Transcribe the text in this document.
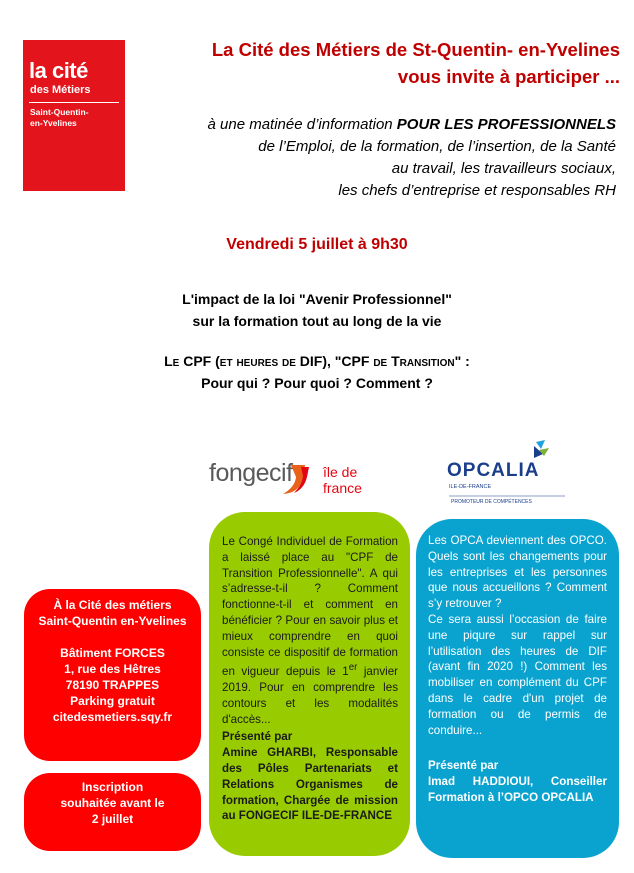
la cité
des Métiers
Saint-Quentin-
en-Yvelines
La Cité des Métiers de St-Quentin- en-Yvelines
vous invite à participer ...
à une matinée d’information POUR LES PROFESSIONNELS
de l’Emploi, de la formation, de l’insertion, de la Santé
au travail, les travailleurs sociaux,
les chefs d’entreprise et responsables RH
Vendredi 5 juillet à 9h30
L'impact de la loi "Avenir Professionnel"
sur la formation tout au long de la vie
Le CPF (et heures de DIF), "CPF de Transition" :
Pour qui ? Pour quoi ? Comment ?
fongecif île de
france
OPCALIA
ILE-DE-FRANCE
PROMOTEUR DE COMPÉTENCES
À la Cité des métiers
Saint-Quentin en-Yvelines
Bâtiment FORCES
1, rue des Hêtres
78190 TRAPPES
Parking gratuit
citedesmetiers.sqy.fr
Inscription
souhaitée avant le
2 juillet

Le Congé Individuel de Formation a laissé place au "CPF de Transition Professionnelle". A qui s’adresse-t-il ? Comment fonctionne-t-il et comment en bénéficier ? Pour en savoir plus et mieux comprendre en quoi consiste ce dispositif de formation en vigueur depuis le 1er janvier 2019. Pour en comprendre les contours et les modalités d'accès...

Présenté par

Amine GHARBI, Responsable des Pôles Partenariats et Relations Organismes de formation, Chargée de mission au FONGECIF ILE-DE-FRANCE

Les OPCA deviennent des OPCO. Quels sont les changements pour les entreprises et les personnes que nous accueillons ? Comment s’y retrouver ?

Ce sera aussi l’occasion de faire une piqure sur rappel sur l’utilisation des heures de DIF (avant fin 2020 !) Comment les mobiliser en complément du CPF dans le cadre d'un projet de formation ou de permis de conduire...

Présenté par

Imad HADDIOUI, Conseiller Formation à l’OPCO OPCALIA
